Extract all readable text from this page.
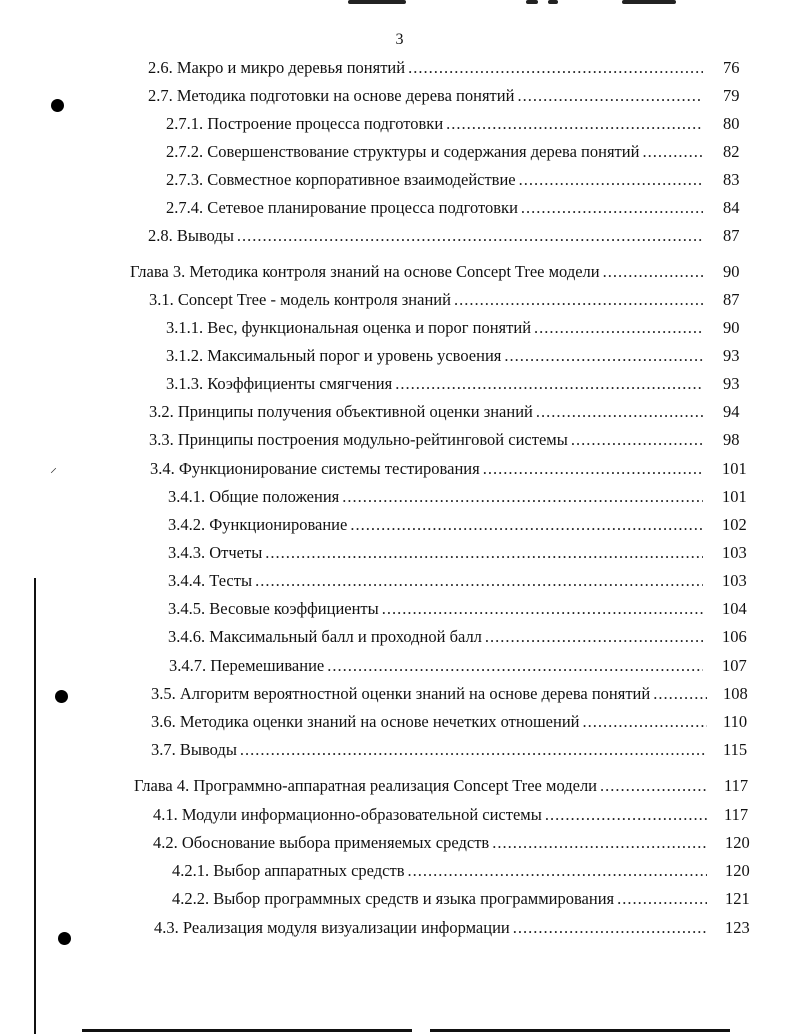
3
⸝
2.6. Макро и микро деревья понятий .....	76
2.7. Методика подготовки на основе дерева понятий .....	79
2.7.1. Построение процесса подготовки .....	80
2.7.2. Совершенствование структуры и содержания дерева понятий .....	82
2.7.3. Совместное корпоративное взаимодействие .....	83
2.7.4. Сетевое планирование процесса подготовки .....	84
2.8. Выводы .....	87
Глава 3. Методика контроля знаний на основе Concept Tree модели .....	90
3.1. Concept Tree - модель контроля знаний .....	87
3.1.1. Вес, функциональная оценка и порог понятий .....	90
3.1.2. Максимальный порог и уровень усвоения .....	93
3.1.3. Коэффициенты смягчения .....	93
3.2. Принципы получения объективной оценки знаний .....	94
3.3. Принципы построения модульно-рейтинговой системы .....	98
3.4. Функционирование системы тестирования .....	101
3.4.1. Общие положения .....	101
3.4.2. Функционирование .....	102
3.4.3. Отчеты .....	103
3.4.4. Тесты .....	103
3.4.5. Весовые коэффициенты .....	104
3.4.6. Максимальный балл и проходной балл .....	106
3.4.7. Перемешивание .....	107
3.5. Алгоритм вероятностной оценки знаний на основе дерева понятий .....	108
3.6. Методика оценки знаний на основе нечетких отношений .....	110
3.7. Выводы .....	115
Глава 4. Программно-аппаратная реализация Concept Tree модели .....	117
4.1. Модули информационно-образовательной системы .....	117
4.2. Обоснование выбора применяемых средств .....	120
4.2.1. Выбор аппаратных средств .....	120
4.2.2. Выбор программных средств и языка программирования .....	121
4.3. Реализация модуля визуализации информации .....	123
